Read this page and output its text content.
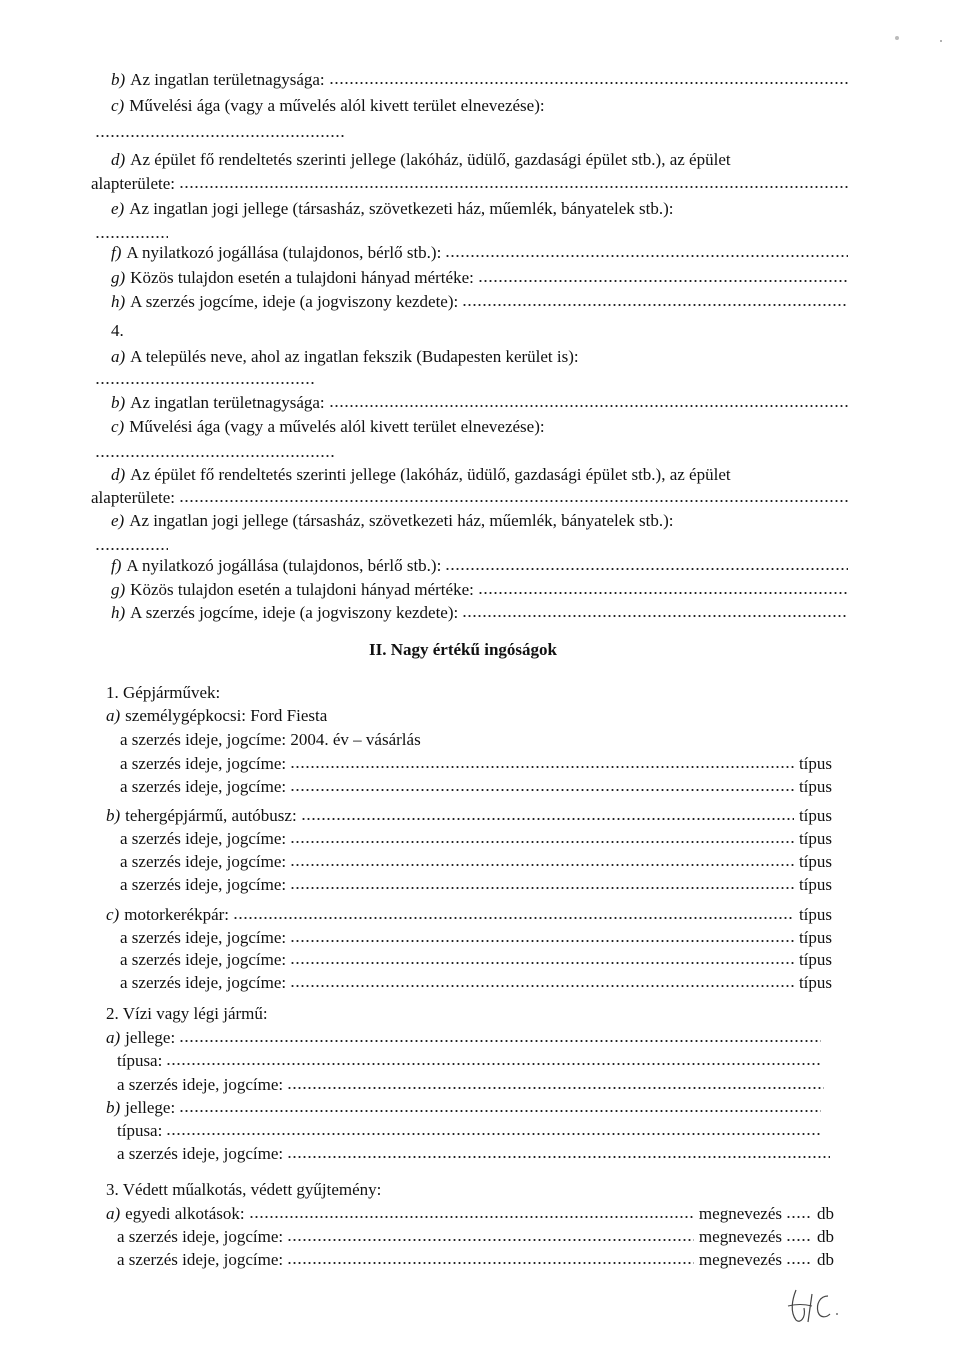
b) Az ingatlan területnagysága:
c) Művelési ága (vagy a művelés alól kivett terület elnevezése):
d) Az épület fő rendeltetés szerinti jellege (lakóház, üdülő, gazdasági épület stb.), az épület
alapterülete:
e) Az ingatlan jogi jellege (társasház, szövetkezeti ház, műemlék, bányatelek stb.):
f) A nyilatkozó jogállása (tulajdonos, bérlő stb.):
g) Közös tulajdon esetén a tulajdoni hányad mértéke:
h) A szerzés jogcíme, ideje (a jogviszony kezdete):
4.
a) A település neve, ahol az ingatlan fekszik (Budapesten kerület is):
b) Az ingatlan területnagysága:
c) Művelési ága (vagy a művelés alól kivett terület elnevezése):
d) Az épület fő rendeltetés szerinti jellege (lakóház, üdülő, gazdasági épület stb.), az épület
alapterülete:
e) Az ingatlan jogi jellege (társasház, szövetkezeti ház, műemlék, bányatelek stb.):
f) A nyilatkozó jogállása (tulajdonos, bérlő stb.):
g) Közös tulajdon esetén a tulajdoni hányad mértéke:
h) A szerzés jogcíme, ideje (a jogviszony kezdete):
II. Nagy értékű ingóságok
1. Gépjárművek:
a) személygépkocsi: Ford Fiesta
a szerzés ideje, jogcíme: 2004. év – vásárlás
a szerzés ideje, jogcíme:	típus
a szerzés ideje, jogcíme:	típus
b) tehergépjármű, autóbusz:	típus
a szerzés ideje, jogcíme:	típus
a szerzés ideje, jogcíme:	típus
a szerzés ideje, jogcíme:	típus
c) motorkerékpár:	típus
a szerzés ideje, jogcíme:	típus
a szerzés ideje, jogcíme:	típus
a szerzés ideje, jogcíme:	típus
2. Vízi vagy légi jármű:
a) jellege:
típusa:
a szerzés ideje, jogcíme:
b) jellege:
típusa:
a szerzés ideje, jogcíme:
3. Védett műalkotás, védett gyűjtemény:
a) egyedi alkotások:	megnevezés db
a szerzés ideje, jogcíme:	megnevezés db
a szerzés ideje, jogcíme:	megnevezés db
